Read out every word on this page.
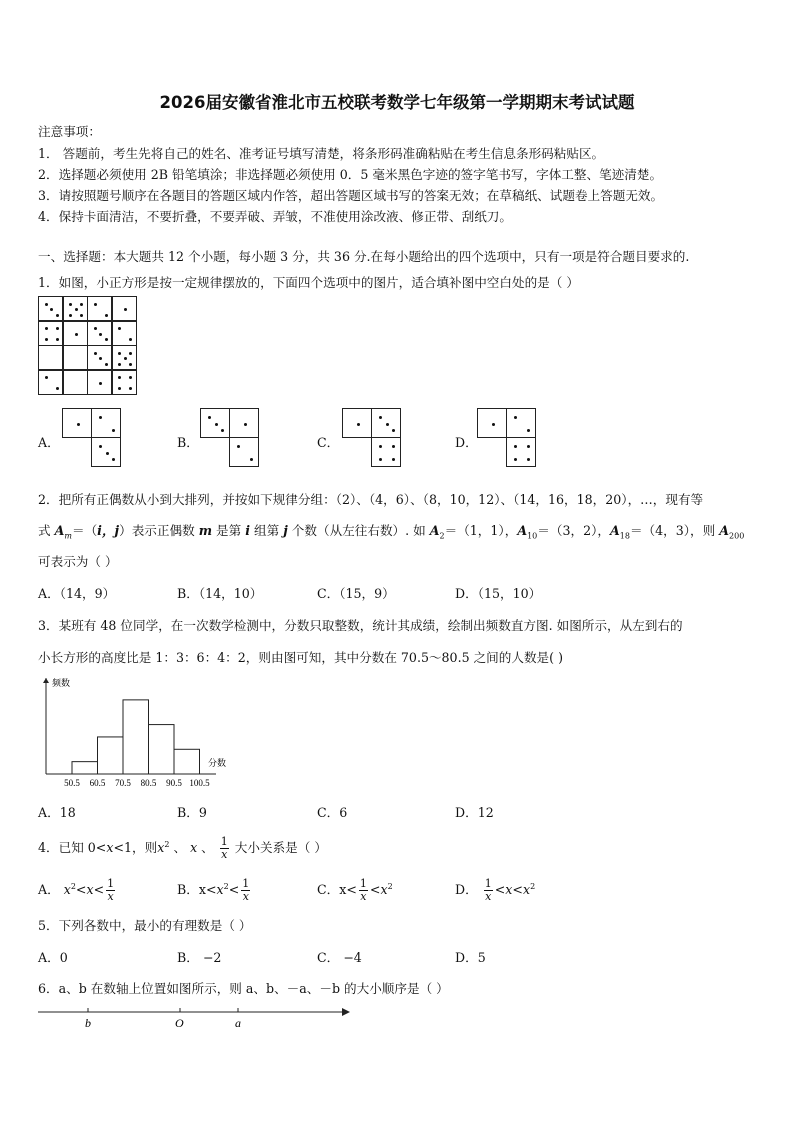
2026届安徽省淮北市五校联考数学七年级第一学期期末考试试题
注意事项：
1． 答题前，考生先将自己的姓名、准考证号填写清楚，将条形码准确粘贴在考生信息条形码粘贴区。
2．选择题必须使用 2B 铅笔填涂；非选择题必须使用 0．5 毫米黑色字迹的签字笔书写，字体工整、笔迹清楚。
3．请按照题号顺序在各题目的答题区域内作答，超出答题区域书写的答案无效；在草稿纸、试题卷上答题无效。
4．保持卡面清洁，不要折叠，不要弄破、弄皱，不准使用涂改液、修正带、刮纸刀。
一、选择题：本大题共 12 个小题，每小题 3 分，共 36 分.在每小题给出的四个选项中，只有一项是符合题目要求的.
1．如图，小正方形是按一定规律摆放的，下面四个选项中的图片，适合填补图中空白处的是（ ）
A．	B．	C．	D．
2．把所有正偶数从小到大排列，并按如下规律分组：（2）、（4，6）、（8，10，12）、（14，16，18，20），…，现有等
式 $A_m=(i$，j）表示正偶数 m 是第 i 组第 j 个数（从左往右数）. 如 $A_2=(1$，1），$A_{10}=(3$，2），$A_{18}=(4$，3），则 $A_{200}$
可表示为（ ）
A．（14，9）	B．（14，10）	C．（15，9）	D．（15，10）
3．某班有 48 位同学，在一次数学检测中，分数只取整数，统计其成绩，绘制出频数直方图. 如图所示，从左到右的
小长方形的高度比是 1：3：6：4：2，则由图可知，其中分数在 70.5～80.5 之间的人数是( )
频数
分数
50.5 60.5 70.5 80.5 90.5 100.5
A．18	B．9	C．6	D．12
4．已知 0<x<1，则$x^2$ 、 x 、 $\frac{1}{x}$ 大小关系是（ ）
A． $x^2<x< \frac{1}{x}$	B．$x<x^2< \frac{1}{x}$	C．$x< \frac{1}{x} <x^2$	D． $\frac{1}{x} <x<x^2$
5．下列各数中，最小的有理数是（ ）
A．0	B． −2	C． −4	D．5
6．a、b 在数轴上位置如图所示，则 a、b、－a、－b 的大小顺序是（ ）
b	O	a
